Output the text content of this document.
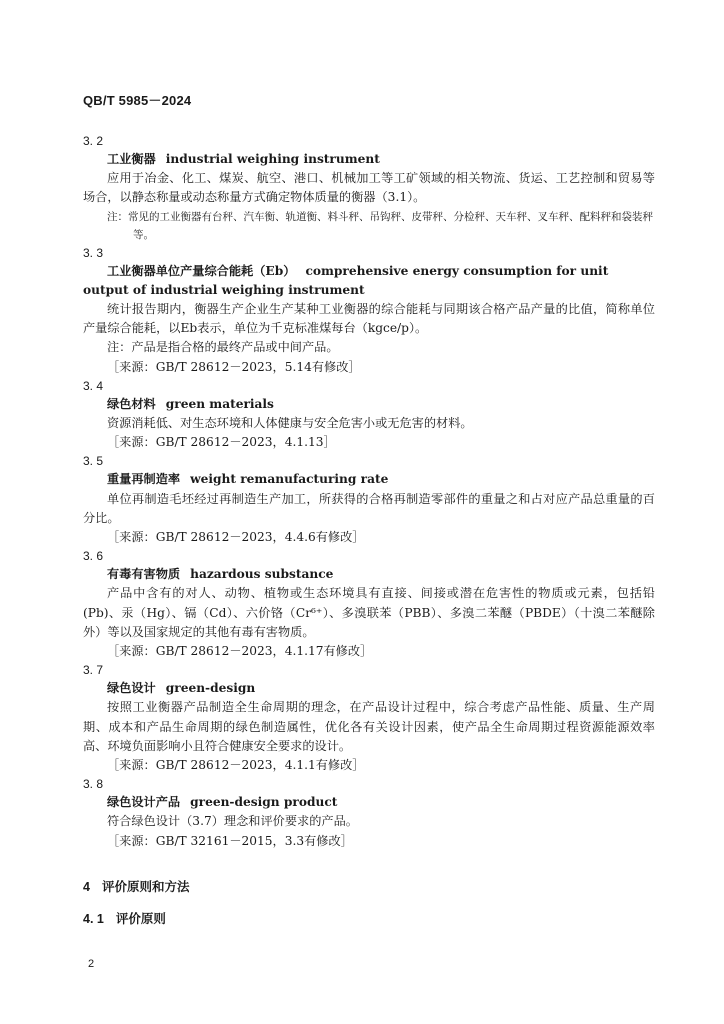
QB/T 5985－2024

3. 2

工业衡器 industrial weighing instrument

应用于冶金、化工、煤炭、航空、港口、机械加工等工矿领域的相关物流、货运、工艺控制和贸易等场合，以静态称量或动态称量方式确定物体质量的衡器（3.1）。

注：常见的工业衡器有台秤、汽车衡、轨道衡、料斗秤、吊钩秤、皮带秤、分检秤、天车秤、叉车秤、配料秤和袋装秤等。

3. 3

工业衡器单位产量综合能耗（Eb） comprehensive energy consumption for unit output of industrial weighing instrument

统计报告期内，衡器生产企业生产某种工业衡器的综合能耗与同期该合格产品产量的比值，简称单位产量综合能耗，以Eb表示，单位为千克标准煤每台（kgce/p）。

注：产品是指合格的最终产品或中间产品。

［来源：GB/T 28612－2023，5.14有修改］

3. 4

绿色材料 green materials

资源消耗低、对生态环境和人体健康与安全危害小或无危害的材料。

［来源：GB/T 28612－2023，4.1.13］

3. 5

重量再制造率 weight remanufacturing rate

单位再制造毛坯经过再制造生产加工，所获得的合格再制造零部件的重量之和占对应产品总重量的百分比。

［来源：GB/T 28612－2023，4.4.6有修改］

3. 6

有毒有害物质 hazardous substance

产品中含有的对人、动物、植物或生态环境具有直接、间接或潜在危害性的物质或元素，包括铅(Pb)、汞（Hg）、镉（Cd）、六价铬（Cr⁶⁺）、多溴联苯（PBB）、多溴二苯醚（PBDE）（十溴二苯醚除外）等以及国家规定的其他有毒有害物质。

［来源：GB/T 28612－2023，4.1.17有修改］

3. 7

绿色设计 green-design

按照工业衡器产品制造全生命周期的理念，在产品设计过程中，综合考虑产品性能、质量、生产周期、成本和产品生命周期的绿色制造属性，优化各有关设计因素，使产品全生命周期过程资源能源效率高、环境负面影响小且符合健康安全要求的设计。

［来源：GB/T 28612－2023，4.1.1有修改］

3. 8

绿色设计产品 green-design product

符合绿色设计（3.7）理念和评价要求的产品。

［来源：GB/T 32161－2015，3.3有修改］

4 评价原则和方法
4. 1 评价原则
2
